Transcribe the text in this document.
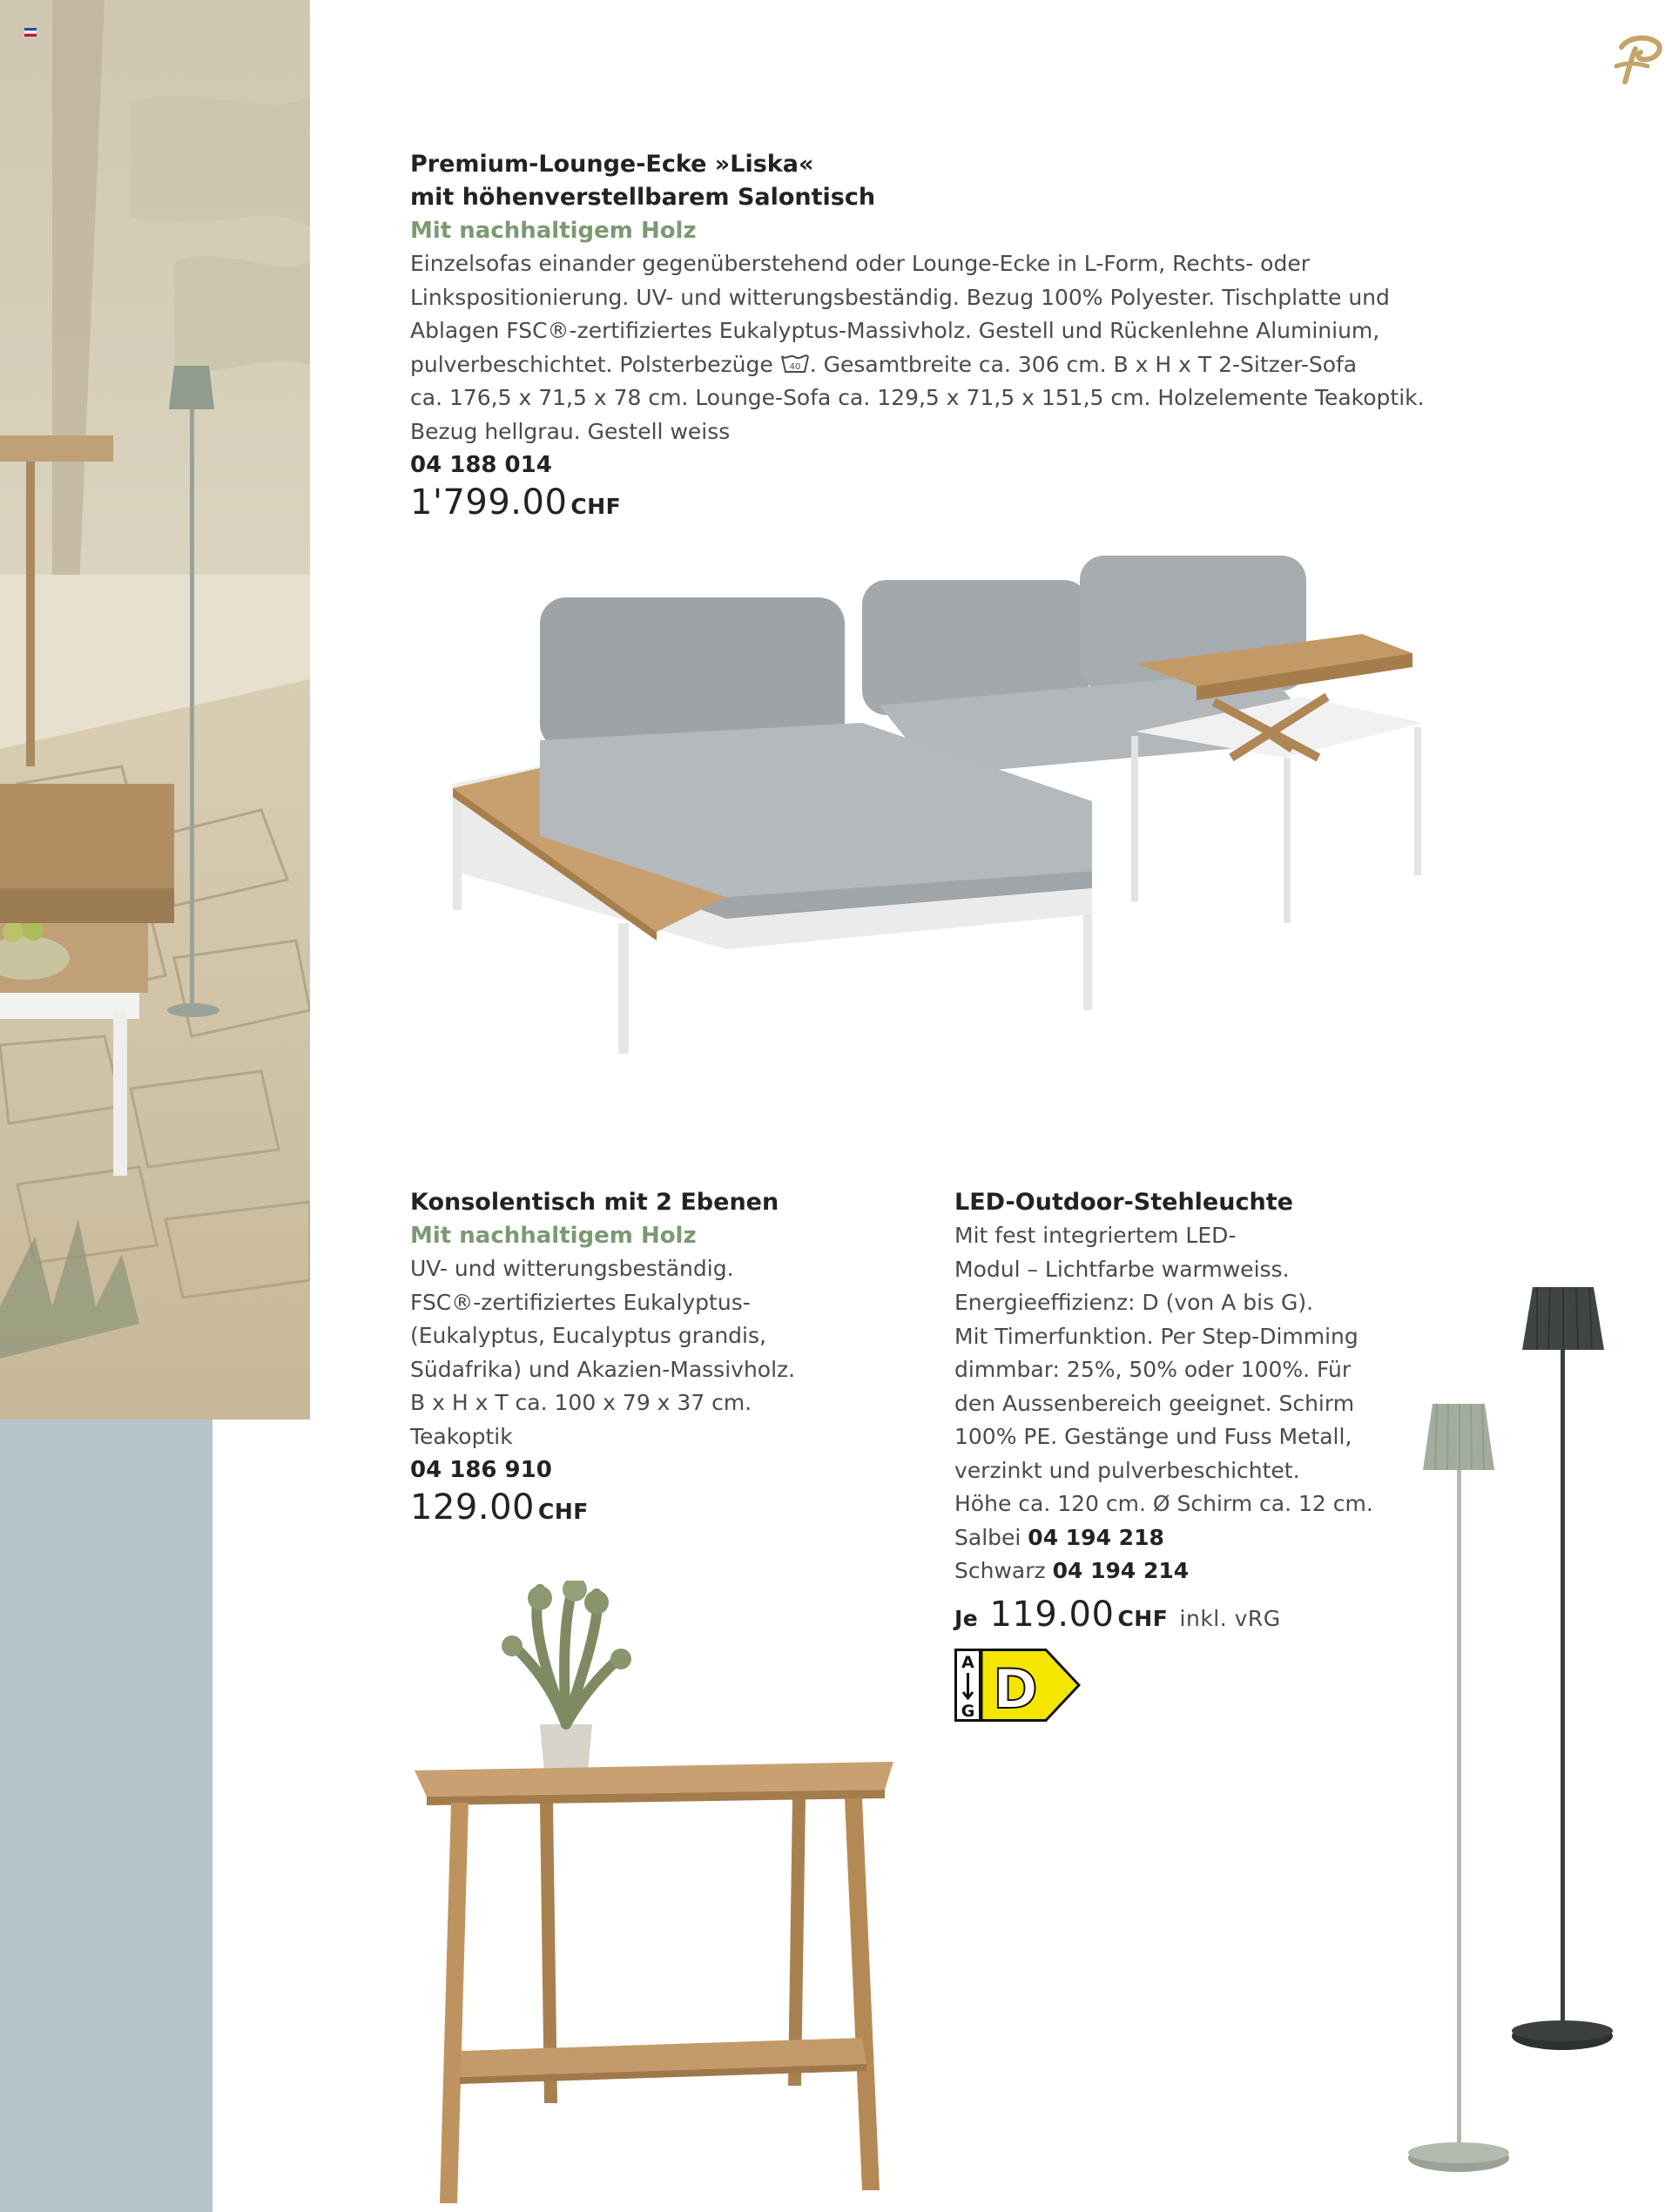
Premium-Lounge-Ecke »Liska«
mit höhenverstellbarem Salontisch
Mit nachhaltigem Holz
Einzelsofas einander gegenüberstehend oder Lounge-Ecke in L-Form, Rechts- oder
Linkspositionierung. UV- und witterungsbeständig. Bezug 100% Polyester. Tischplatte und
Ablagen FSC®-zertifiziertes Eukalyptus-Massivholz. Gestell und Rückenlehne Aluminium,
pulverbeschichtet. Polsterbezüge 40 . Gesamtbreite ca. 306 cm. B x H x T 2-Sitzer-Sofa
ca. 176,5 x 71,5 x 78 cm. Lounge-Sofa ca. 129,5 x 71,5 x 151,5 cm. Holzelemente Teakoptik.
Bezug hellgrau. Gestell weiss
04 188 014
1'799.00 CHF
Konsolentisch mit 2 Ebenen
Mit nachhaltigem Holz
UV- und witterungsbeständig.
FSC®-zertifiziertes Eukalyptus-
(Eukalyptus, Eucalyptus grandis,
Südafrika) und Akazien-Massivholz.
B x H x T ca. 100 x 79 x 37 cm.
Teakoptik
04 186 910
129.00 CHF
LED-Outdoor-Stehleuchte
Mit fest integriertem LED-
Modul – Lichtfarbe warmweiss.
Energieeffizienz: D (von A bis G).
Mit Timerfunktion. Per Step-Dimming
dimmbar: 25%, 50% oder 100%. Für
den Aussenbereich geeignet. Schirm
100% PE. Gestänge und Fuss Metall,
verzinkt und pulverbeschichtet.
Höhe ca. 120 cm. Ø Schirm ca. 12 cm.
Salbei 04 194 218
Schwarz 04 194 214
Je 119.00 CHF inkl. vRG
A
G D
